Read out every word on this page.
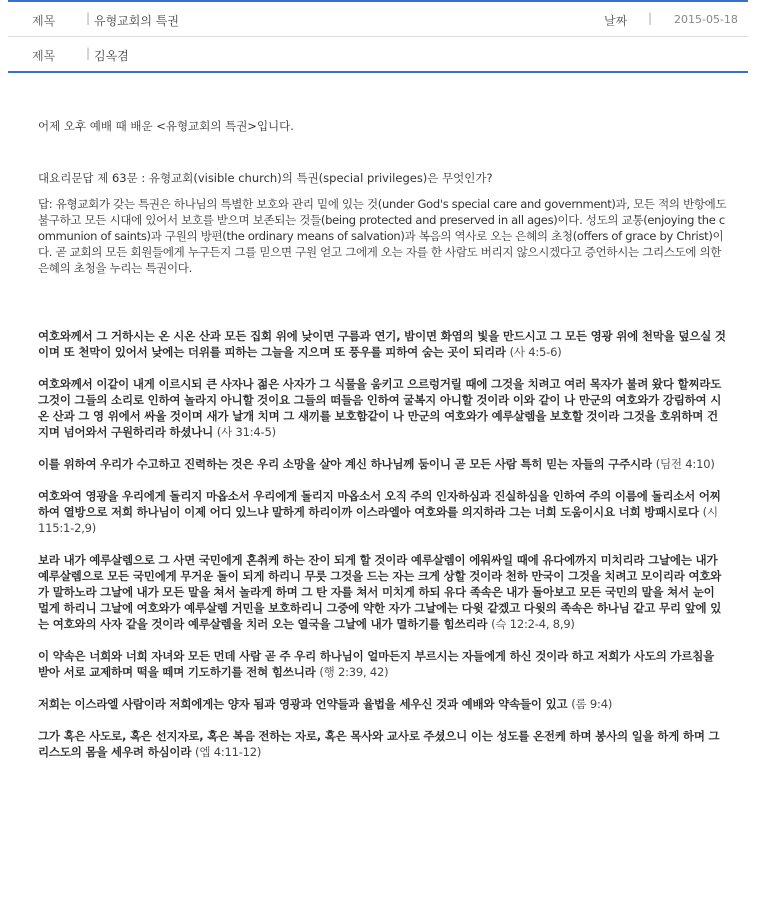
제목	| 유형교회의 특권	날짜 | 2015-05-18
제목	| 김옥겸

어제 오후 예배 때 배운 <유형교회의 특권>입니다.

대요리문답 제 63문 : 유형교회(visible church)의 특권(special privileges)은 무엇인가?

답: 유형교회가 갖는 특권은 하나님의 특별한 보호와 관리 밑에 있는 것(under God's special care and government)과, 모든 적의 반항에도 불구하고 모든 시대에 있어서 보호를 받으며 보존되는 것들(being protected and preserved in all ages)이다. 성도의 교통(enjoying the communion of saints)과 구원의 방편(the ordinary means of salvation)과 복음의 역사로 오는 은혜의 초청(offers of grace by Christ)이다. 곧 교회의 모든 회원들에게 누구든지 그를 믿으면 구원 얻고 그에게 오는 자를 한 사람도 버리지 않으시겠다고 증언하시는 그리스도에 의한 은혜의 초청을 누리는 특권이다.

여호와께서 그 거하시는 온 시온 산과 모든 집회 위에 낮이면 구름과 연기, 밤이면 화염의 빛을 만드시고 그 모든 영광 위에 천막을 덮으실 것이며 또 천막이 있어서 낮에는 더위를 피하는 그늘을 지으며 또 풍우를 피하여 숨는 곳이 되리라 (사 4:5-6)

여호와께서 이같이 내게 이르시되 큰 사자나 젊은 사자가 그 식물을 움키고 으르렁거릴 때에 그것을 치려고 여러 목자가 불려 왔다 할찌라도 그것이 그들의 소리로 인하여 놀라지 아니할 것이요 그들의 떠들음 인하여 굴복지 아니할 것이라 이와 같이 나 만군의 여호와가 강림하여 시온 산과 그 영 위에서 싸울 것이며 새가 날개 치며 그 새끼를 보호함같이 나 만군의 여호와가 예루살렘을 보호할 것이라 그것을 호위하며 건지며 넘어와서 구원하리라 하셨나니 (사 31:4-5)

이를 위하여 우리가 수고하고 진력하는 것은 우리 소망을 살아 계신 하나님께 둠이니 곧 모든 사람 특히 믿는 자들의 구주시라 (딤전 4:10)

여호와여 영광을 우리에게 돌리지 마옵소서 우리에게 돌리지 마옵소서 오직 주의 인자하심과 진실하심을 인하여 주의 이름에 돌리소서 어찌하여 열방으로 저희 하나님이 이제 어디 있느냐 말하게 하리이까 이스라엘아 여호와를 의지하라 그는 너희 도움이시요 너희 방패시로다 (시 115:1-2,9)

보라 내가 예루살렘으로 그 사면 국민에게 혼취케 하는 잔이 되게 할 것이라 예루살렘이 에워싸일 때에 유다에까지 미치리라 그날에는 내가 예루살렘으로 모든 국민에게 무거운 돌이 되게 하리니 무릇 그것을 드는 자는 크게 상할 것이라 천하 만국이 그것을 치려고 모이리라 여호와가 말하노라 그날에 내가 모든 말을 쳐서 놀라게 하며 그 탄 자를 쳐서 미치게 하되 유다 족속은 내가 돌아보고 모든 국민의 말을 쳐서 눈이 멀게 하리니 그날에 여호와가 예루살렘 거민을 보호하리니 그중에 약한 자가 그날에는 다윗 같겠고 다윗의 족속은 하나님 같고 무리 앞에 있는 여호와의 사자 같을 것이라 예루살렘을 치러 오는 열국을 그날에 내가 멸하기를 힘쓰리라 (슥 12:2-4, 8,9)

이 약속은 너희와 너희 자녀와 모든 먼데 사람 곧 주 우리 하나님이 얼마든지 부르시는 자들에게 하신 것이라 하고 저희가 사도의 가르침을 받아 서로 교제하며 떡을 떼며 기도하기를 전혀 힘쓰니라 (행 2:39, 42)

저희는 이스라엘 사람이라 저희에게는 양자 됨과 영광과 언약들과 율법을 세우신 것과 예배와 약속들이 있고 (롬 9:4)

그가 혹은 사도로, 혹은 선지자로, 혹은 복음 전하는 자로, 혹은 목사와 교사로 주셨으니 이는 성도를 온전케 하며 봉사의 일을 하게 하며 그리스도의 몸을 세우려 하심이라 (엡 4:11-12)
